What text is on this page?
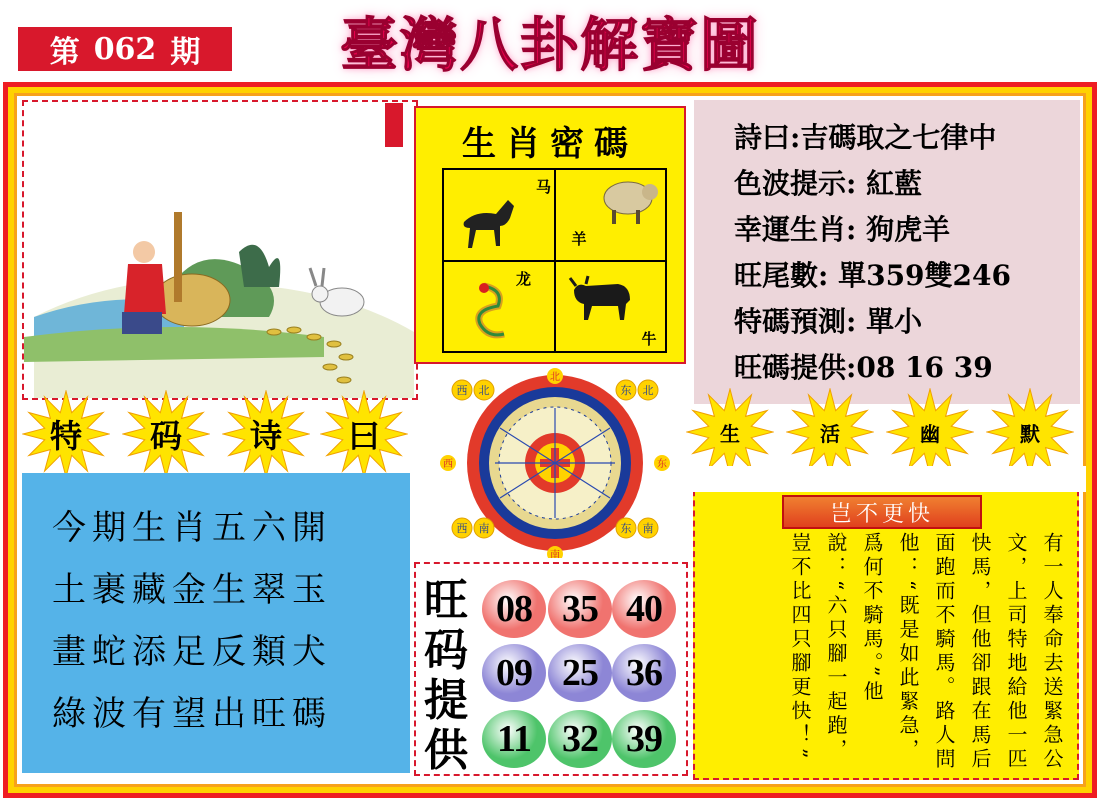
第 062 期	臺灣八卦解寶圖
生肖密碼
马
羊
龙
牛
詩曰:吉碼取之七律中
色波提示: 紅藍
幸運生肖: 狗虎羊
旺尾數: 單359雙246
特碼預測: 單小
旺碼提供:08 16 39
特	码	诗	曰	生	活	幽	默
今期生肖五六開
土裹藏金生翠玉
畫蛇添足反類犬
綠波有望出旺碼
西 北	东 北
西 南	东 南
北
东
南
西
旺
码
提
供
08 35 40
09 25 36
11 32 39
岂不更快
有一人奉命去送緊急公文，上司特地給他一匹快馬，但他卻跟在馬后面跑而不騎馬。路人問他：“既是如此緊急，爲何不騎馬。”他說：“六只腳一起跑，豈不比四只腳更快！”
